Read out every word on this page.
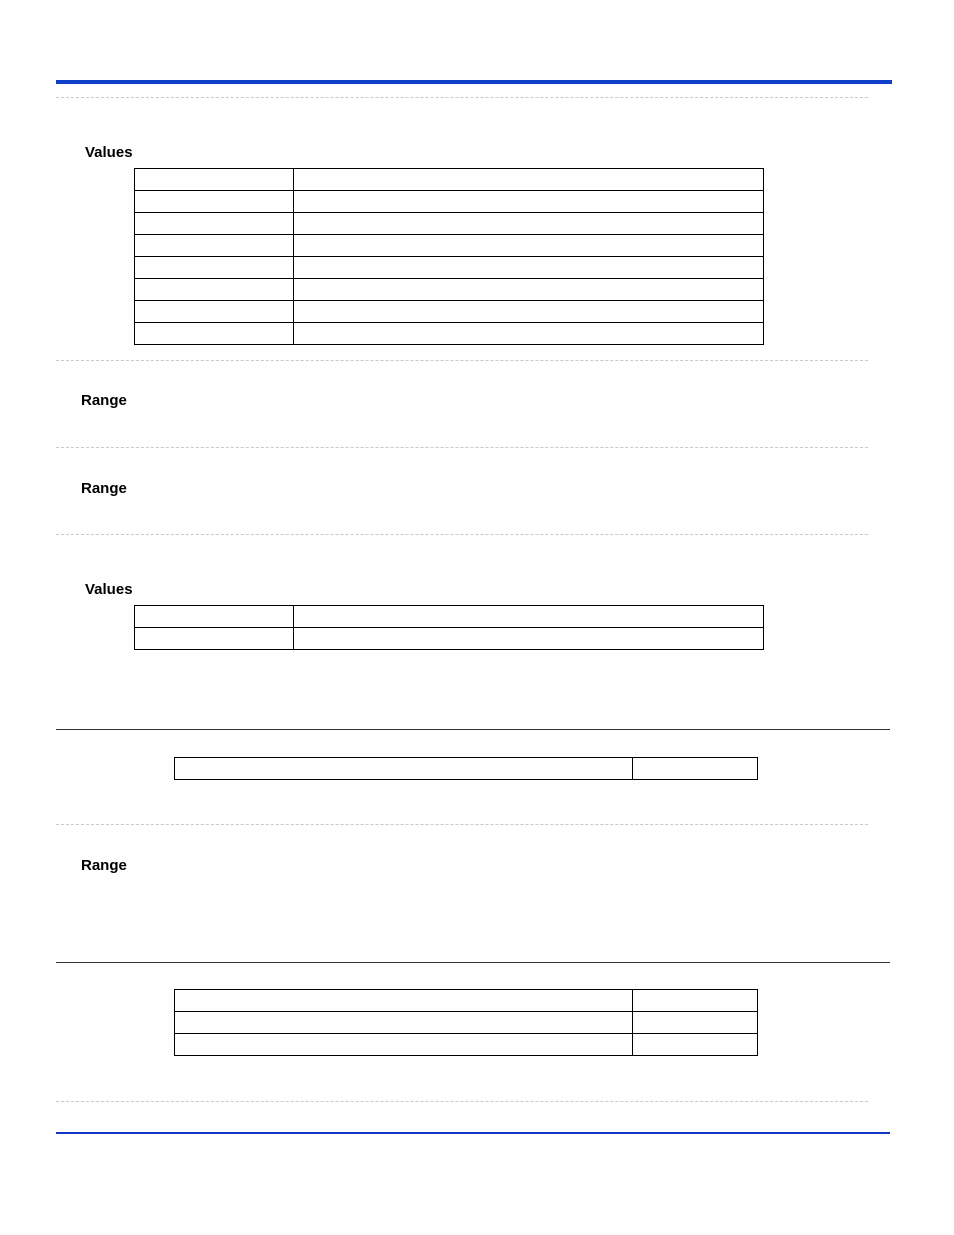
Values

Range
Range
Values

Range
